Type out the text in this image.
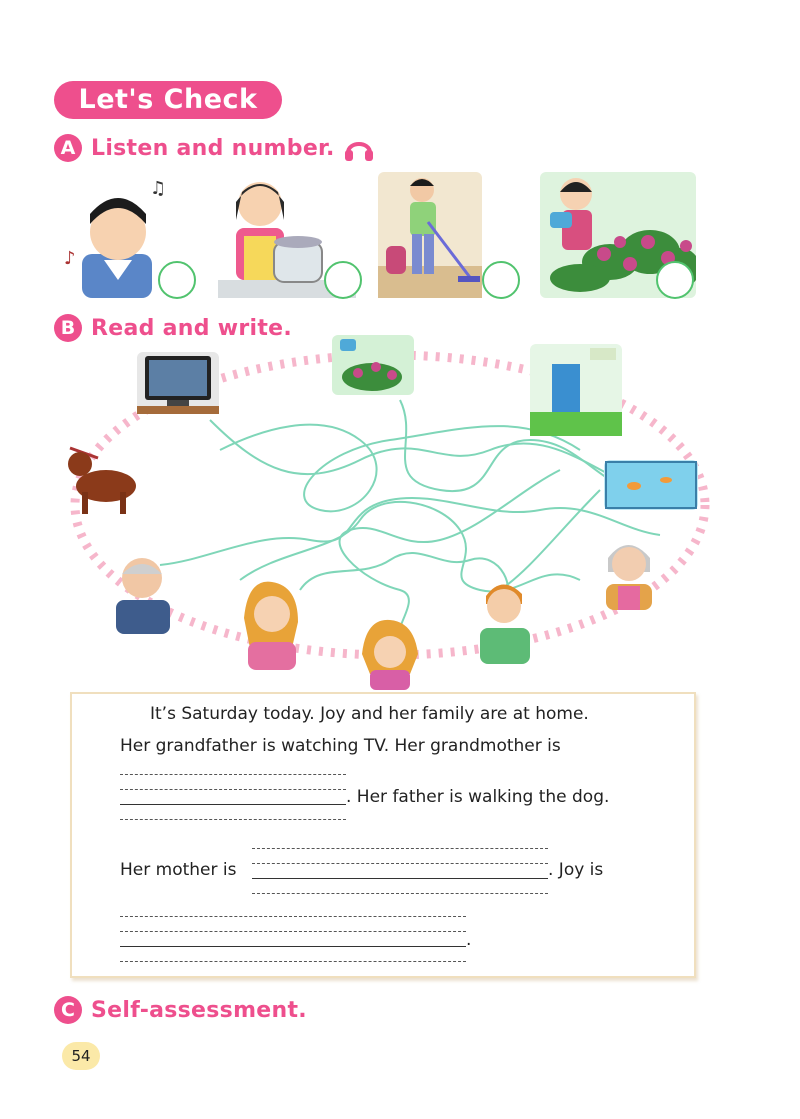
Let's Check
A Listen and number.
♫
♪
B Read and write.
It’s Saturday today. Joy and her family are at home.
Her grandfather is watching TV. Her grandmother is
. Her father is walking the dog.
Her mother is	. Joy is
.
C Self-assessment.
54
